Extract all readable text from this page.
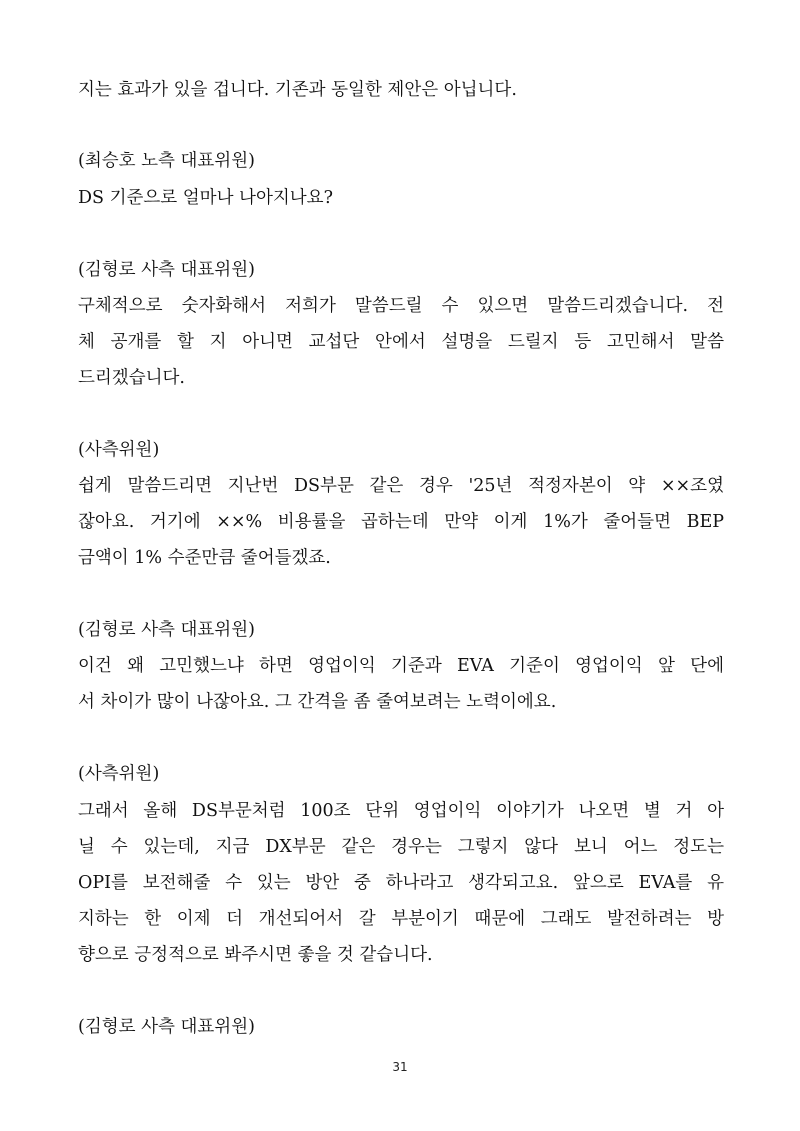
지는 효과가 있을 겁니다. 기존과 동일한 제안은 아닙니다.
(최승호 노측 대표위원)
DS 기준으로 얼마나 나아지나요?
(김형로 사측 대표위원)
구체적으로 숫자화해서 저희가 말씀드릴 수 있으면 말씀드리겠습니다. 전
체 공개를 할 지 아니면 교섭단 안에서 설명을 드릴지 등 고민해서 말씀
드리겠습니다.
(사측위원)
쉽게 말씀드리면 지난번 DS부문 같은 경우 '25년 적정자본이 약 ××조였
잖아요. 거기에 ××% 비용률을 곱하는데 만약 이게 1%가 줄어들면 BEP
금액이 1% 수준만큼 줄어들겠죠.
(김형로 사측 대표위원)
이건 왜 고민했느냐 하면 영업이익 기준과 EVA 기준이 영업이익 앞 단에
서 차이가 많이 나잖아요. 그 간격을 좀 줄여보려는 노력이에요.
(사측위원)
그래서 올해 DS부문처럼 100조 단위 영업이익 이야기가 나오면 별 거 아
닐 수 있는데, 지금 DX부문 같은 경우는 그렇지 않다 보니 어느 정도는
OPI를 보전해줄 수 있는 방안 중 하나라고 생각되고요. 앞으로 EVA를 유
지하는 한 이제 더 개선되어서 갈 부분이기 때문에 그래도 발전하려는 방
향으로 긍정적으로 봐주시면 좋을 것 같습니다.
(김형로 사측 대표위원)
31
